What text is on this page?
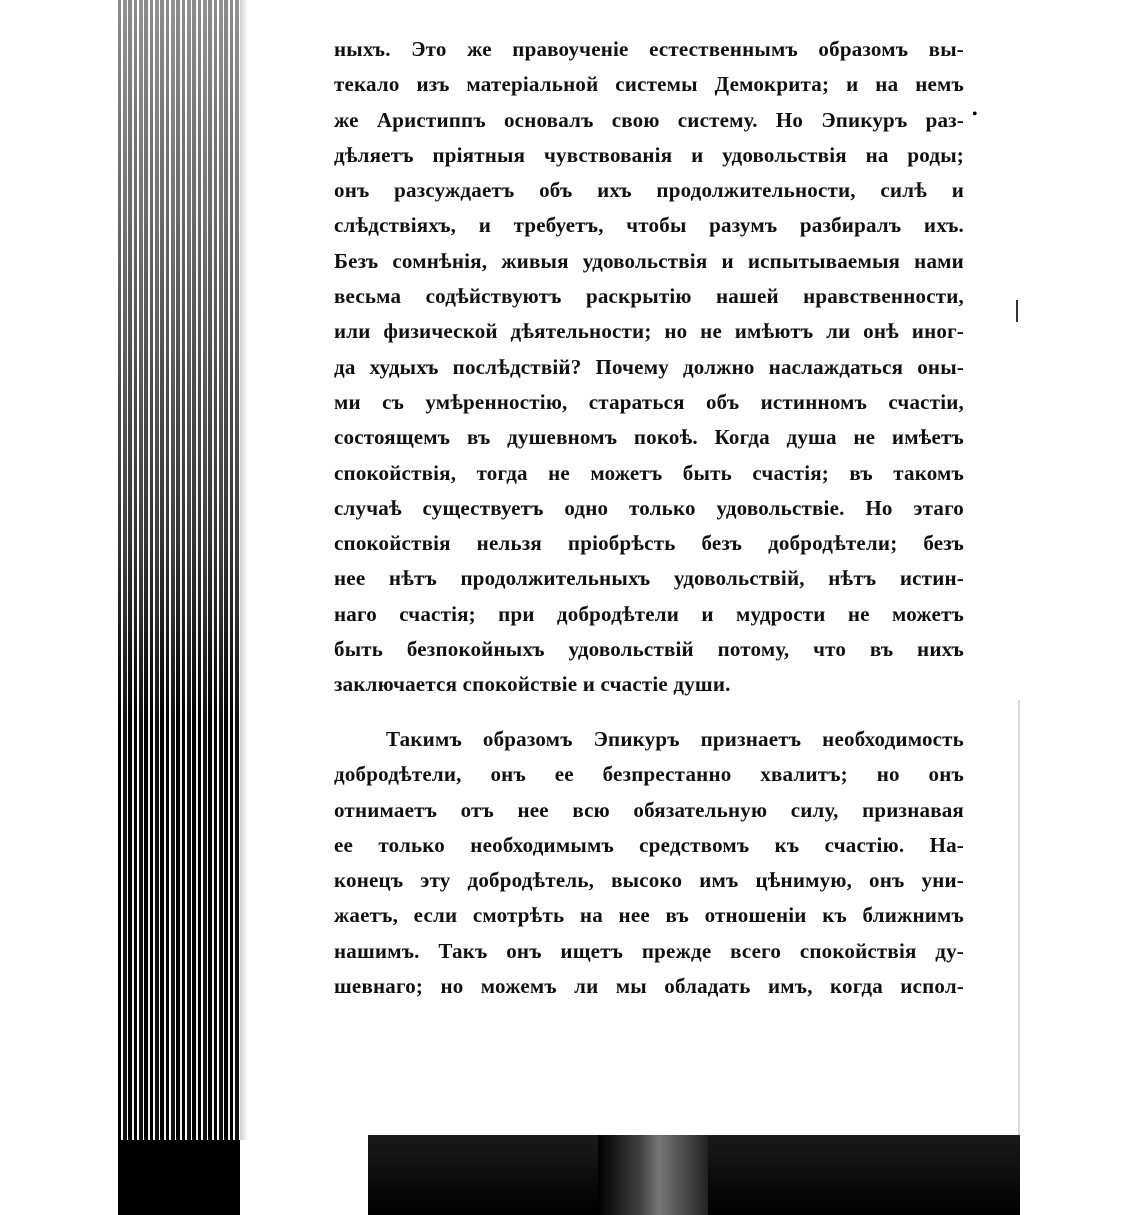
•
ныхъ. Это же правоученіе естественнымъ образомъ вы-
текало изъ матеріальной системы Демокрита; и на немъ
же Аристиппъ основалъ свою систему. Но Эпикуръ раз-
дѣляетъ пріятныя чувствованія и удовольствія на роды;
онъ разсуждаетъ объ ихъ продолжительности, силѣ и
слѣдствіяхъ, и требуетъ, чтобы разумъ разбиралъ ихъ.
Безъ сомнѣнія, живыя удовольствія и испытываемыя нами
весьма содѣйствуютъ раскрытію нашей нравственности,
или физической дѣятельности; но не имѣютъ ли онѣ иног-
да худыхъ послѣдствій? Почему должно наслаждаться оны-
ми съ умѣренностію, стараться объ истинномъ счастіи,
состоящемъ въ душевномъ покоѣ. Когда душа не имѣетъ
спокойствія, тогда не можетъ быть счастія; въ такомъ
случаѣ существуетъ одно только удовольствіе. Но этаго
спокойствія нельзя пріобрѣсть безъ добродѣтели; безъ
нее нѣтъ продолжительныхъ удовольствій, нѣтъ истин-
наго счастія; при добродѣтели и мудрости не можетъ
быть безпокойныхъ удовольствій потому, что въ нихъ
заключается спокойствіе и счастіе души.
Такимъ образомъ Эпикуръ признаетъ необходимость
добродѣтели, онъ ее безпрестанно хвалитъ; но онъ
отнимаетъ отъ нее всю обязательную силу, признавая
ее только необходимымъ средствомъ къ счастію. На-
конецъ эту добродѣтель, высоко имъ цѣнимую, онъ уни-
жаетъ, если смотрѣть на нее въ отношеніи къ ближнимъ
нашимъ. Такъ онъ ищетъ прежде всего спокойствія ду-
шевнаго; но можемъ ли мы обладать имъ, когда испол-
